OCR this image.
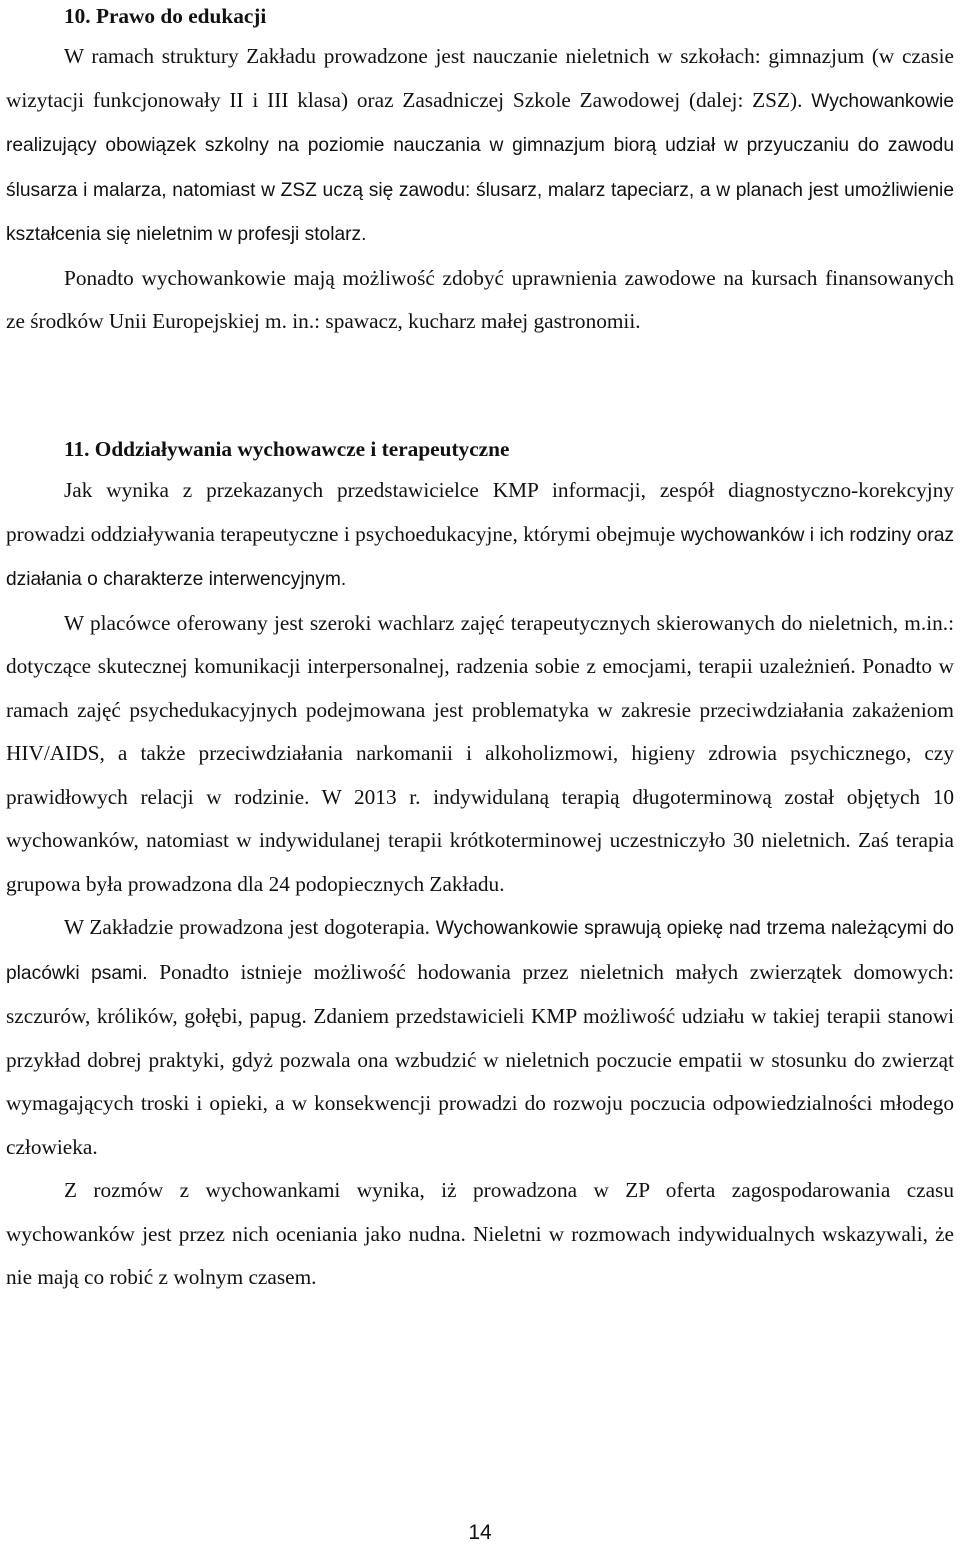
10. Prawo do edukacji

W ramach struktury Zakładu prowadzone jest nauczanie nieletnich w szkołach: gimnazjum (w czasie wizytacji funkcjonowały II i III klasa) oraz Zasadniczej Szkole Zawodowej (dalej: ZSZ). Wychowankowie realizujący obowiązek szkolny na poziomie nauczania w gimnazjum biorą udział w przyuczaniu do zawodu ślusarza i malarza, natomiast w ZSZ uczą się zawodu: ślusarz, malarz tapeciarz, a w planach jest umożliwienie kształcenia się nieletnim w profesji stolarz.

Ponadto wychowankowie mają możliwość zdobyć uprawnienia zawodowe na kursach finansowanych ze środków Unii Europejskiej m. in.: spawacz, kucharz małej gastronomii.

11. Oddziaływania wychowawcze i terapeutyczne

Jak wynika z przekazanych przedstawicielce KMP informacji, zespół diagnostyczno-korekcyjny prowadzi oddziaływania terapeutyczne i psychoedukacyjne, którymi obejmuje wychowanków i ich rodziny oraz działania o charakterze interwencyjnym.

W placówce oferowany jest szeroki wachlarz zajęć terapeutycznych skierowanych do nieletnich, m.in.: dotyczące skutecznej komunikacji interpersonalnej, radzenia sobie z emocjami, terapii uzależnień. Ponadto w ramach zajęć psychedukacyjnych podejmowana jest problematyka w zakresie przeciwdziałania zakażeniom HIV/AIDS, a także przeciwdziałania narkomanii i alkoholizmowi, higieny zdrowia psychicznego, czy prawidłowych relacji w rodzinie. W 2013 r. indywidulaną terapią długoterminową został objętych 10 wychowanków, natomiast w indywidulanej terapii krótkoterminowej uczestniczyło 30 nieletnich. Zaś terapia grupowa była prowadzona dla 24 podopiecznych Zakładu.

W Zakładzie prowadzona jest dogoterapia. Wychowankowie sprawują opiekę nad trzema należącymi do placówki psami. Ponadto istnieje możliwość hodowania przez nieletnich małych zwierzątek domowych: szczurów, królików, gołębi, papug. Zdaniem przedstawicieli KMP możliwość udziału w takiej terapii stanowi przykład dobrej praktyki, gdyż pozwala ona wzbudzić w nieletnich poczucie empatii w stosunku do zwierząt wymagających troski i opieki, a w konsekwencji prowadzi do rozwoju poczucia odpowiedzialności młodego człowieka.

Z rozmów z wychowankami wynika, iż prowadzona w ZP oferta zagospodarowania czasu wychowanków jest przez nich oceniania jako nudna. Nieletni w rozmowach indywidualnych wskazywali, że nie mają co robić z wolnym czasem.

14
